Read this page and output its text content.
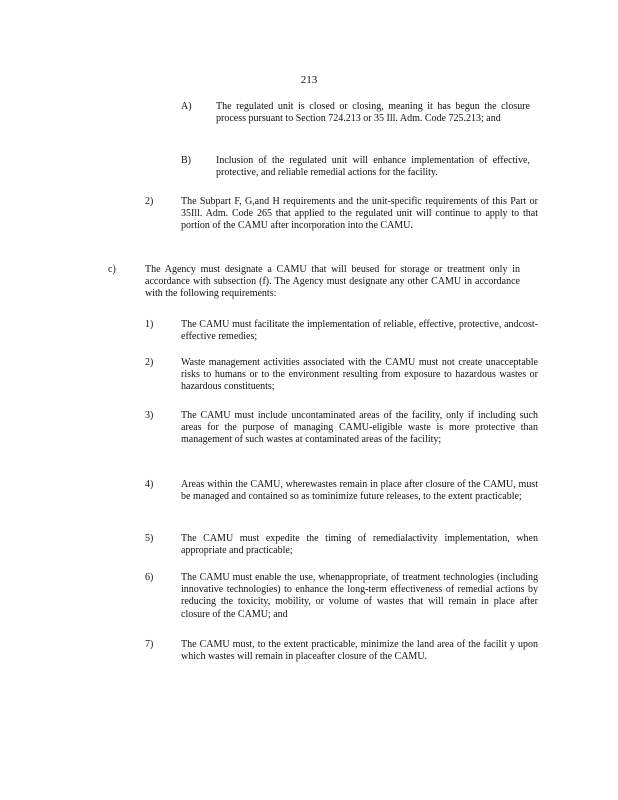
213
A) The regulated unit is closed or closing, meaning it has begun the closure process pursuant to Section 724.213 or 35 Ill. Adm. Code 725.213; and
B)	Inclusion of the regulated unit will enhance implementation of effective, protective, and reliable remedial actions for the facility.
2)	The Subpart F, G,and H requirements and the unit-specific requirements of this Part or 35Ill. Adm. Code 265 that applied to the regulated unit will continue to apply to that portion of the CAMU after incorporation into the CAMU.
c)	The Agency must designate a CAMU that will beused for storage or treatment only in accordance with subsection (f). The Agency must designate any other CAMU in accordance with the following requirements:
1)	The CAMU must facilitate the implementation of reliable, effective, protective, andcost-effective remedies;
2)	Waste management activities associated with the CAMU must not create unacceptable risks to humans or to the environment resulting from exposure to hazardous wastes or hazardous constituents;
3)	The CAMU must include uncontaminated areas of the facility, only if including such areas for the purpose of managing CAMU-eligible waste is more protective than management of such wastes at contaminated areas of the facility;
4)	Areas within the CAMU, wherewastes remain in place after closure of the CAMU, must be managed and contained so as tominimize future releases, to the extent practicable;
5)	The CAMU must expedite the timing of remedialactivity implementation, when appropriate and practicable;
6)	The CAMU must enable the use, whenappropriate, of treatment technologies (including innovative technologies) to enhance the long-term effectiveness of remedial actions by reducing the toxicity, mobility, or volume of wastes that will remain in place after closure of the CAMU; and
7)	The CAMU must, to the extent practicable, minimize the land area of the facilit y upon which wastes will remain in placeafter closure of the CAMU.
